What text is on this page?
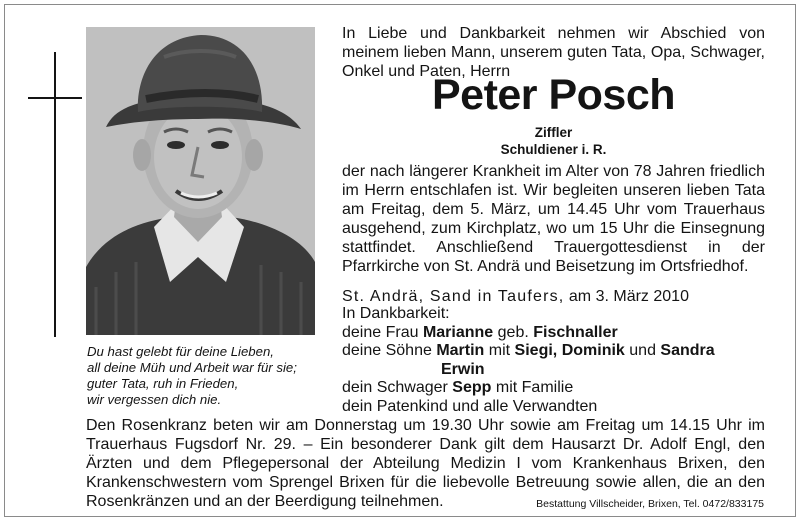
Du hast gelebt für deine Lieben,
all deine Müh und Arbeit war für sie;
guter Tata, ruh in Frieden,
wir vergessen dich nie.
In Liebe und Dankbarkeit nehmen wir Abschied von meinem lieben Mann, unserem guten Tata, Opa, Schwager, Onkel und Paten, Herrn
Peter Posch
Ziffler
Schuldiener i. R.
der nach längerer Krankheit im Alter von 78 Jahren friedlich im Herrn entschlafen ist. Wir begleiten unseren lieben Tata am Freitag, dem 5. März, um 14.45 Uhr vom Trauerhaus ausgehend, zum Kirchplatz, wo um 15 Uhr die Einsegnung stattfindet. Anschließend Trauergottesdienst in der Pfarrkirche von St. Andrä und Beisetzung im Ortsfriedhof.
St. Andrä, Sand in Taufers, am 3. März 2010
In Dankbarkeit:
deine Frau Marianne geb. Fischnaller
deine Söhne Martin mit Siegi, Dominik und Sandra
Erwin
dein Schwager Sepp mit Familie
dein Patenkind und alle Verwandten
Den Rosenkranz beten wir am Donnerstag um 19.30 Uhr sowie am Freitag um 14.15 Uhr im Trauerhaus Fugsdorf Nr. 29. – Ein besonderer Dank gilt dem Hausarzt Dr. Adolf Engl, den Ärzten und dem Pflegepersonal der Abteilung Medizin I vom Krankenhaus Brixen, den Krankenschwestern vom Sprengel Brixen für die liebevolle Betreuung sowie allen, die an den Rosenkränzen und an der Beerdigung teilnehmen.	Bestattung Villscheider, Brixen, Tel. 0472/833175
